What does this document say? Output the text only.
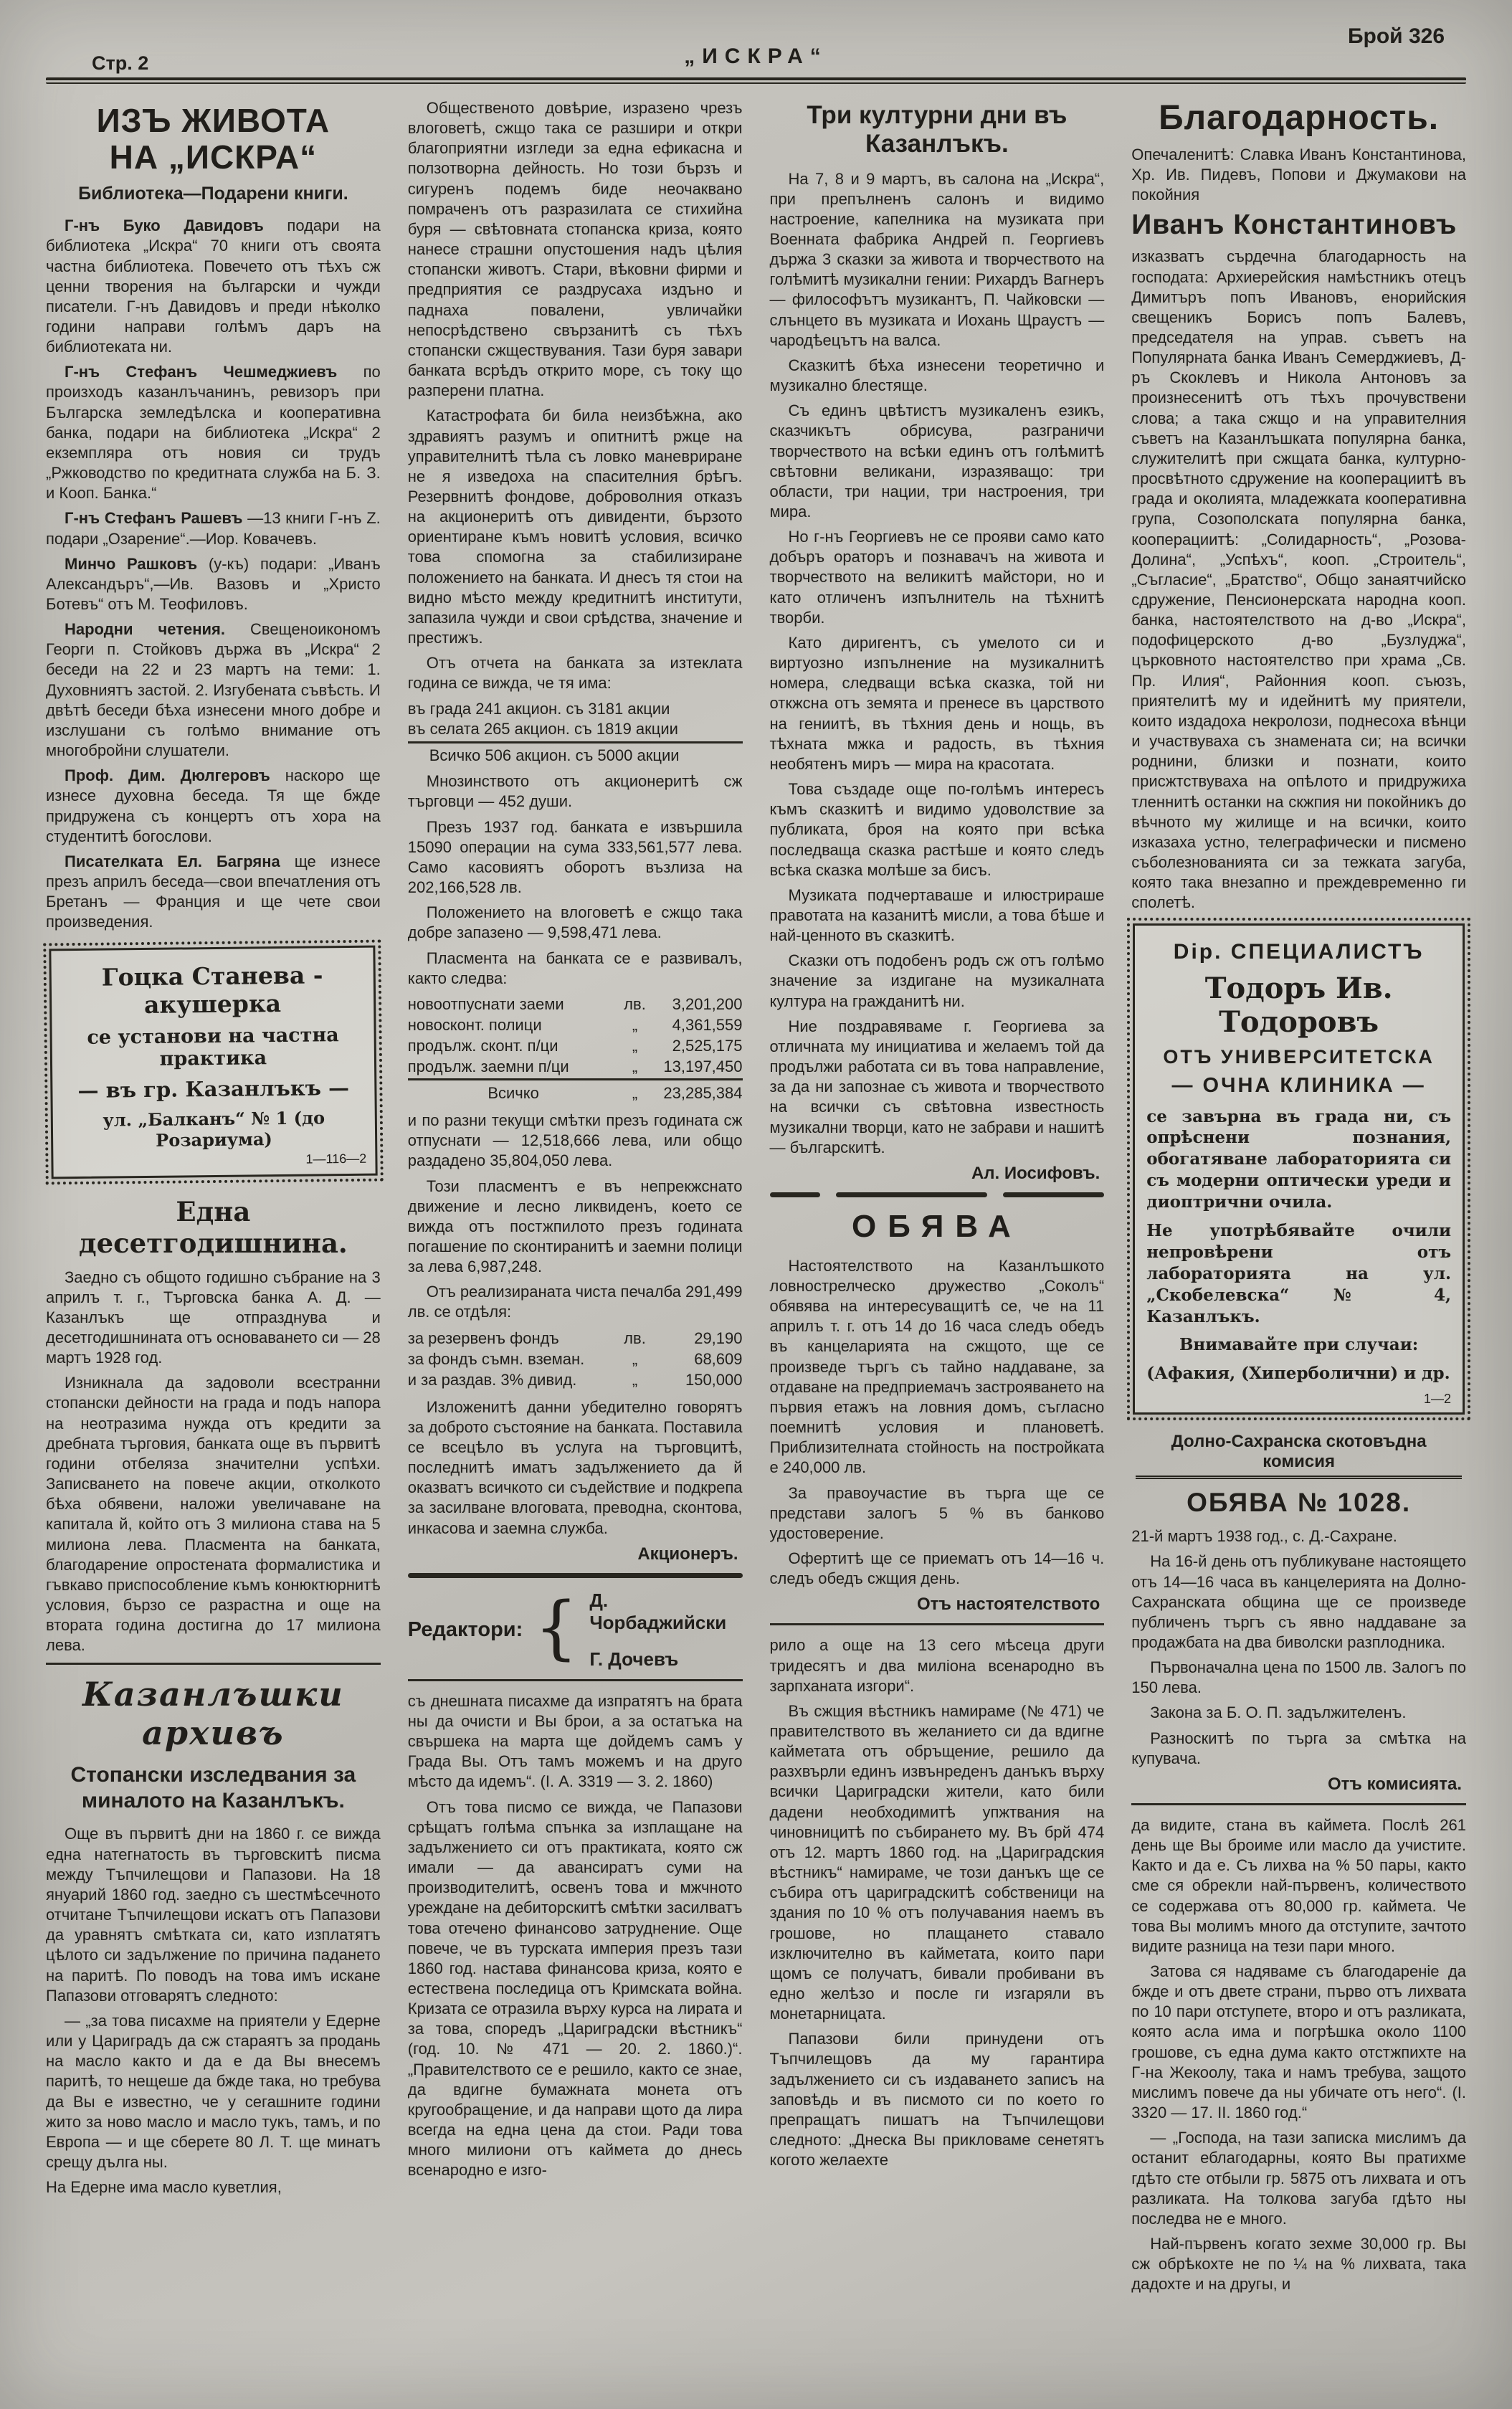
Стр. 2	„ИСКРА“
Брой 326
ИЗЪ ЖИВОТА
НА „ИСКРА“

Библиотека—Подарени книги.

Г-нъ Буко Давидовъ подари на библиотека „Искра“ 70 книги отъ своята частна библиотека. Повечето отъ тѣхъ сж ценни творения на български и чужди писатели. Г-нъ Давидовъ и преди нѣколко години направи голѣмъ даръ на библиотеката ни.

Г-нъ Стефанъ Чешмеджиевъ по произходъ казанлъчанинъ, ревизоръ при Българска земледѣлска и кооперативна банка, подари на библиотека „Искра“ 2 екземпляра отъ новия си трудъ „Ржководство по кредитната служба на Б. З. и Кооп. Банка.“

Г-нъ Стефанъ Рашевъ —13 книги Г-нъ Z. подари „Озарение“.—Иор. Ковачевъ.

Минчо Рашковъ (у-къ) подари: „Иванъ Александъръ“,—Ив. Вазовъ и „Христо Ботевъ“ отъ М. Теофиловъ.

Народни четения. Свещеноикономъ Георги п. Стойковъ държа въ „Искра“ 2 беседи на 22 и 23 мартъ на теми: 1. Духовниятъ застой. 2. Изгубената съвѣсть. И двѣтѣ беседи бѣха изнесени много добре и изслушани съ голѣмо внимание отъ многобройни слушатели.

Проф. Дим. Дюлгеровъ наскоро ще изнесе духовна беседа. Тя ще бжде придружена съ концертъ отъ хора на студентитѣ богослови.

Писателката Ел. Багряна ще изнесе презъ априлъ беседа—свои впечатления отъ Бретанъ — Франция и ще чете свои произведения.

Гоцка Станева - акушерка
се установи на частна практика
— въ гр. Казанлъкъ —
ул. „Балканъ“ № 1 (до Розариума)
1—116—2
Една десетгодишнина.

Заедно съ общото годишно събрание на 3 априлъ т. г., Търговска банка А. Д. — Казанлъкъ ще отпразднува и десетгодишнината отъ основаването си — 28 мартъ 1928 год.

Изникнала да задоволи всестранни стопански дейности на града и подъ напора на неотразима нужда отъ кредити за дребната търговия, банката още въ първитѣ години отбеляза значителни успѣхи. Записването на повече акции, отколкото бѣха обявени, наложи увеличаване на капитала й, който отъ 3 милиона става на 5 милиона лева. Пласмента на банката, благодарение опростената формалистика и гъвкаво приспособление къмъ конюктюрнитѣ условия, бързо се разрастна и още на втората година достигна до 17 милиона лева.

Казанлъшки архивъ
Стопански изследвания за миналото на Казанлъкъ.

Още въ първитѣ дни на 1860 г. се вижда една натегнатость въ търговскитѣ писма между Тъпчилещови и Папазови. На 18 януарий 1860 год. заедно съ шестмѣсечното отчитане Тъпчилещови искатъ отъ Папазови да уравнятъ смѣтката си, като изплатятъ цѣлото си задължение по причина падането на паритѣ. По поводъ на това имъ искане Папазови отговарятъ следното:

— „за това писахме на приятели у Едерне или у Цариградъ да сж стараятъ за продань на масло както и да е да Вы внесемъ паритѣ, то нещеше да бжде така, но требува да Вы е известно, че у сегашните години жито за ново масло и масло тукъ, тамъ, и по Европа — и ще сберете 80 Л. Т. ще минатъ срещу дълга ны.

На Едерне има масло куветлия,

Общественото довѣрие, изразено чрезъ влоговетѣ, сжщо така се разшири и откри благоприятни изгледи за една ефикасна и ползотворна дейность. Но този бързъ и сигуренъ подемъ биде неочаквано помраченъ отъ разразилата се стихийна буря — свѣтовната стопанска криза, която нанесе страшни опустошения надъ цѣлия стопански животъ. Стари, вѣковни фирми и предприятия се раздрусаха издъно и паднаха повалени, увличайки непосрѣдствено свързанитѣ съ тѣхъ стопански сжществувания. Тази буря завари банката всрѣдъ открито море, съ току що разперени платна.

Катастрофата би била неизбѣжна, ако здравиятъ разумъ и опитнитѣ ржце на управителнитѣ тѣла съ ловко маневриране не я изведоха на спасителния брѣгъ. Резервнитѣ фондове, доброволния отказъ на акционеритѣ отъ дивиденти, бързото ориентиране къмъ новитѣ условия, всичко това спомогна за стабилизиране положението на банката. И днесъ тя стои на видно мѣсто между кредитнитѣ институти, запазила чужди и свои срѣдства, значение и престижъ.

Отъ отчета на банката за изтеклата година се вижда, че тя има:

въ града 241 акцион. съ 3181 акции
въ селата 265 акцион. съ 1819 акции
Всичко 506 акцион. съ 5000 акции

Мнозинството отъ акционеритѣ сж търговци — 452 души.

Презъ 1937 год. банката е извършила 15090 операции на сума 333,561,577 лева. Само касовиятъ оборотъ възлиза на 202,166,528 лв.

Положението на влоговетѣ е сжщо така добре запазено — 9,598,471 лева.

Пласмента на банката се е развивалъ, както следва:

новоотпуснати заеми	лв.	3,201,200
новосконт. полици	„	4,361,559
продълж. сконт. п/ци	„	2,525,175
продълж. заемни п/ци	„	13,197,450
Всичко	„	23,285,384

и по разни текущи смѣтки презъ годината сж отпуснати — 12,518,666 лева, или общо раздадено 35,804,050 лева.

Този пласментъ е въ непрекжснато движение и лесно ликвиденъ, което се вижда отъ постжпилото презъ годината погашение по сконтиранитѣ и заемни полици за лева 6,987,248.

Отъ реализираната чиста печалба 291,499 лв. се отдѣля:

за резервенъ фондъ	лв.	29,190
за фондъ съмн. вземан.	„	68,609
и за раздав. 3% дивид.	„	150,000

Изложенитѣ данни убедително говорятъ за доброто състояние на банката. Поставила се всецѣло въ услуга на търговцитѣ, последнитѣ иматъ задължението да й оказватъ всичкото си съдействие и подкрепа за засилване влоговата, преводна, сконтова, инкасова и заемна служба.

Акционеръ.

Редактори: { Д. Чорбаджийски
Г. Дочевъ

съ днешната писахме да изпратятъ на брата ны да очисти и Вы брои, а за остатъка на свършека на марта ще дойдемъ самъ у Града Вы. Отъ тамъ можемъ и на друго мѣсто да идемъ“. (І. А. 3319 — 3. 2. 1860)

Отъ това писмо се вижда, че Папазови срѣщатъ голѣма спънка за изплащане на задължението си отъ практиката, която сж имали — да авансиратъ суми на производителитѣ, освенъ това и мжчното уреждане на дебиторскитѣ смѣтки засилватъ това отечено финансово затруднение. Още повече, че въ турската империя презъ тази 1860 год. настава финансова криза, която е естествена последица отъ Кримската война. Кризата се отразила върху курса на лирата и за това, споредъ „Цариградски вѣстникъ“ (год. 10. № 471 — 20. 2. 1860.)“. „Правителството се е решило, както се знае, да вдигне бумажната монета отъ кругообращение, и да направи щото да лира всегда на една цена да стои. Ради това много милиони отъ каймета до днесь всенародно е изго-

Три културни дни въ Казанлъкъ.

На 7, 8 и 9 мартъ, въ салона на „Искра“, при препълненъ салонъ и видимо настроение, капелника на музиката при Военната фабрика Андрей п. Георгиевъ държа 3 сказки за живота и творчеството на голѣмитѣ музикални гении: Рихардъ Вагнеръ — философътъ музикантъ, П. Чайковски — слънцето въ музиката и Иохань Щраустъ — чародѣецътъ на валса.

Сказкитѣ бѣха изнесени теоретично и музикално блестяще.

Съ единъ цвѣтистъ музикаленъ езикъ, сказчикътъ обрисува, разграничи творчеството на всѣки единъ отъ голѣмитѣ свѣтовни великани, изразяващо: три области, три нации, три настроения, три мира.

Но г-нъ Георгиевъ не се прояви само като добъръ ораторъ и познавачъ на живота и творчеството на великитѣ майстори, но и като отличенъ изпълнитель на тѣхнитѣ творби.

Като диригентъ, съ умелото си и виртуозно изпълнение на музикалнитѣ номера, следващи всѣка сказка, той ни откжсна отъ земята и пренесе въ царството на гениитѣ, въ тѣхния день и нощь, въ тѣхната мжка и радость, въ тѣхния необятенъ миръ — мира на красотата.

Това създаде още по-голѣмъ интересъ къмъ сказкитѣ и видимо удоволствие за публиката, броя на която при всѣка последваща сказка растѣше и която следъ всѣка сказка молѣше за бисъ.

Музиката подчертаваше и илюстрираше правотата на казанитѣ мисли, а това бѣше и най-ценното въ сказкитѣ.

Сказки отъ подобенъ родъ сж отъ голѣмо значение за издигане на музикалната култура на гражданитѣ ни.

Ние поздравяваме г. Георгиева за отличната му инициатива и желаемъ той да продължи работата си въ това направление, за да ни запознае съ живота и творчеството на всички съ свѣтовна известность музикални творци, като не забрави и нашитѣ — българскитѣ.

Ал. Иосифовъ.

ОБЯВА

Настоятелството на Казанлъшкото ловнострелческо дружество „Соколъ“ обявява на интересуващитѣ се, че на 11 априлъ т. г. отъ 14 до 16 часа следъ обедъ въ канцеларията на сжщото, ще се произведе търгъ съ тайно наддаване, за отдаване на предприемачъ застрояването на първия етажъ на ловния домъ, съгласно поемнитѣ условия и плановетѣ. Приблизителната стойность на постройката е 240,000 лв.

За правоучастие въ търга ще се представи залогъ 5 % въ банково удостоверение.

Офертитѣ ще се приематъ отъ 14—16 ч. следъ обедъ сжщия день.

Отъ настоятелството

рило а още на 13 сего мѣсеца други тридесятъ и два миліона всенародно въ зарпханата изгори“.

Въ сжщия вѣстникъ намираме (№ 471) че правителството въ желанието си да вдигне кайметата отъ обръщение, решило да разхвърли единъ извънреденъ данъкъ върху всички Цариградски жители, като били дадени необходимитѣ упжтвания на чиновницитѣ по събирането му. Въ брй 474 отъ 12. мартъ 1860 год. на „Цариградския вѣстникъ“ намираме, че този данъкъ ще се събира отъ цариградскитѣ собственици на здания по 10 % отъ получавания наемъ въ грошове, но плащането ставало изключително въ кайметата, които пари щомъ се получатъ, бивали пробивани въ едно желѣзо и после ги изгаряли въ монетарницата.

Папазови били принудени отъ Тъпчилещовъ да му гарантира задължението си съ издаването записъ на заповѣдь и въ писмото си по което го препращатъ пишатъ на Тъпчилещови следното: „Днеска Вы прикловаме сенетятъ когото желаехте

Благодарность.

Опечаленитѣ: Славка Иванъ Константинова, Хр. Ив. Пидевъ, Попови и Джумакови на покойния

Иванъ Константиновъ

изказватъ сърдечна благодарность на господата: Архиерейския намѣстникъ отецъ Димитъръ попъ Ивановъ, енорийския свещеникъ Борисъ попъ Балевъ, председателя на управ. съветъ на Популярната банка Иванъ Семерджиевъ, Д-ръ Скоклевъ и Никола Антоновъ за произнесенитѣ отъ тѣхъ прочувствени слова; а така сжщо и на управителния съветъ на Казанлъшката популярна банка, служителитѣ при сжщата банка, културно-просвѣтното сдружение на кооперациитѣ въ града и околията, младежката кооперативна група, Созополската популярна банка, кооперациитѣ: „Солидарность“, „Розова-Долина“, „Успѣхъ“, кооп. „Строитель“, „Съгласие“, „Братство“, Общо занаятчийско сдружение, Пенсионерската народна кооп. банка, настоятелството на д-во „Искра“, подофицерското д-во „Бузлуджа“, църковното настоятелство при храма „Св. Пр. Илия“, Районния кооп. съюзъ, приятелитѣ му и идейнитѣ му приятели, които издадоха некролози, поднесоха вѣнци и участвуваха съ знамената си; на всички роднини, близки и познати, които присжтствуваха на опѣлото и придружиха тленнитѣ останки на скжпия ни покойникъ до вѣчното му жилище и на всички, които изказаха устно, телеграфически и писмено съболезнованията си за тежката загуба, която така внезапно и преждевременно ги сполетѣ.

Dip. СПЕЦИАЛИСТЪ
Тодоръ Ив. Тодоровъ
ОТЪ УНИВЕРСИТЕТСКА
— ОЧНА КЛИНИКА —

се завърна въ града ни, съ опрѣснени познания, обогатяване лабораторията си съ модерни оптически уреди и диоптрични очила.

Не употрѣбявайте очили непровѣрени отъ лабораторията на ул. „Скобелевска“ № 4, Казанлъкъ.

Внимавайте при случаи:

(Афакия, (Хиперболични) и др.

1—2
Долно-Сахранска скотовъдна комисия
ОБЯВА № 1028.

21-й мартъ 1938 год., с. Д.-Сахране.

На 16-й день отъ публикуване настоящето отъ 14—16 часа въ канцелерията на Долно-Сахранската община ще се произведе публиченъ търгъ съ явно наддаване за продажбата на два биволски разплодника.

Първоначална цена по 1500 лв. Залогъ по 150 лева.

Закона за Б. О. П. задължителенъ.

Разноскитѣ по търга за смѣтка на купувача.

Отъ комисията.

да видите, стана въ каймета. Послѣ 261 день ще Вы броиме или масло да учистите. Както и да е. Съ лихва на % 50 пары, както сме ся обрекли най-първенъ, количеството се содержава отъ 80,000 гр. каймета. Че това Вы молимъ много да отступите, зачтото видите разница на тези пари много.

Затова ся надяваме съ благодареніе да бжде и отъ двете страни, първо отъ лихвата по 10 пари отступете, второ и отъ разликата, която асла има и погрѣшка около 1100 грошове, съ една дума както отстжпихте на Г-на Жекоолу, така и намъ требува, защото мислимъ повече да ны убичате отъ него“. (І. 3320 — 17. ІІ. 1860 год.“

— „Господа, на тази записка мислимъ да останит еблагодарны, която Вы пратихме гдѣто сте отбыли гр. 5875 отъ лихвата и отъ разликата. На толкова загуба гдѣто ны последва не е много.

Най-първенъ когато зехме 30,000 гр. Вы сж обрѣкохте не по ¼ на % лихвата, така дадохте и на другы, и
